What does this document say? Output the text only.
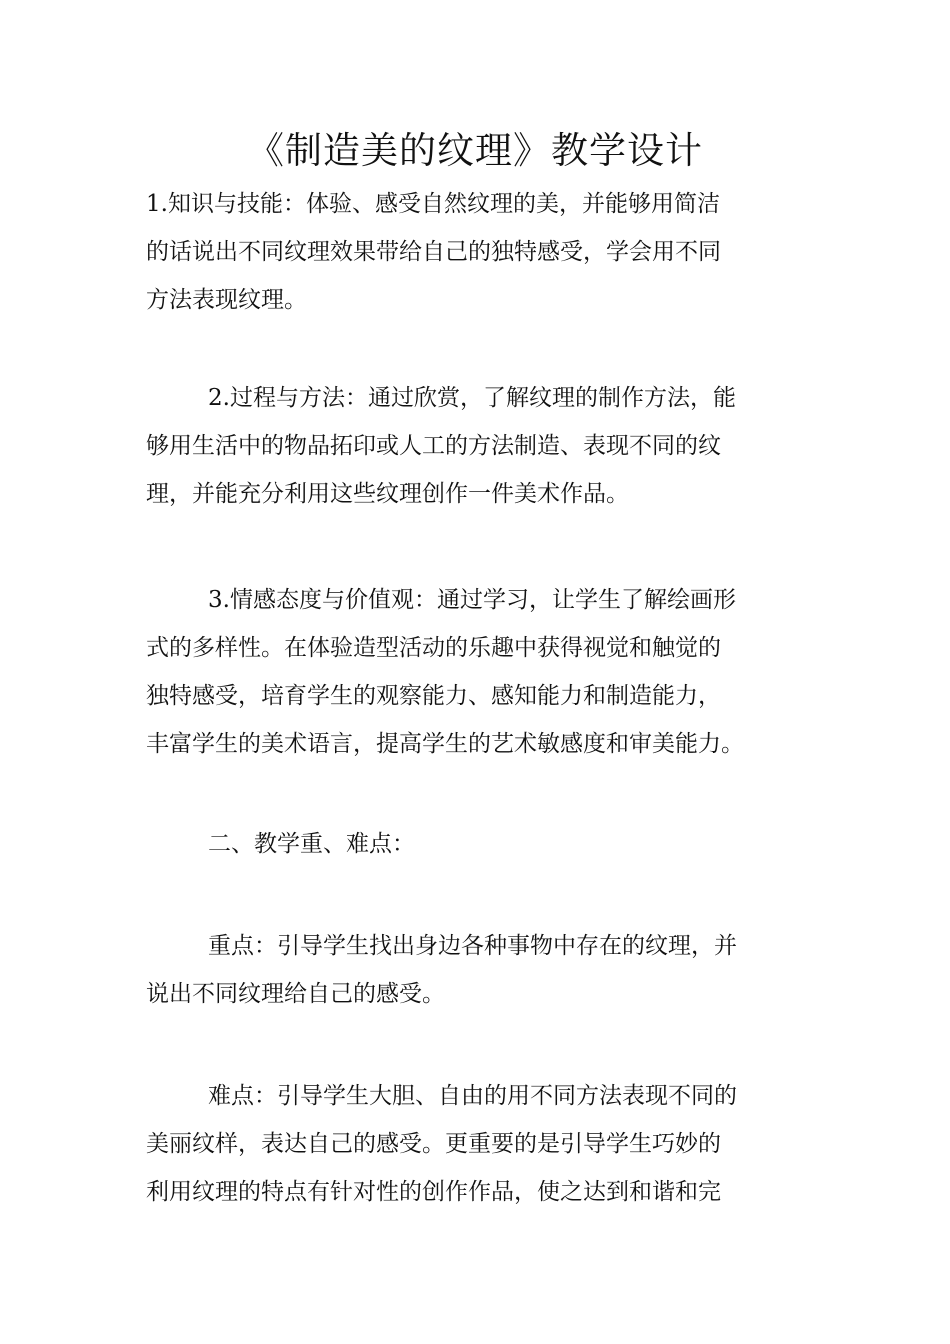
《制造美的纹理》教学设计
1.知识与技能：体验、感受自然纹理的美，并能够用简洁
的话说出不同纹理效果带给自己的独特感受，学会用不同
方法表现纹理。
2.过程与方法：通过欣赏，了解纹理的制作方法，能
够用生活中的物品拓印或人工的方法制造、表现不同的纹
理，并能充分利用这些纹理创作一件美术作品。
3.情感态度与价值观：通过学习，让学生了解绘画形
式的多样性。在体验造型活动的乐趣中获得视觉和触觉的
独特感受，培育学生的观察能力、感知能力和制造能力，
丰富学生的美术语言，提高学生的艺术敏感度和审美能力。
二、教学重、难点：
重点：引导学生找出身边各种事物中存在的纹理，并
说出不同纹理给自己的感受。
难点：引导学生大胆、自由的用不同方法表现不同的
美丽纹样，表达自己的感受。更重要的是引导学生巧妙的
利用纹理的特点有针对性的创作作品，使之达到和谐和完
